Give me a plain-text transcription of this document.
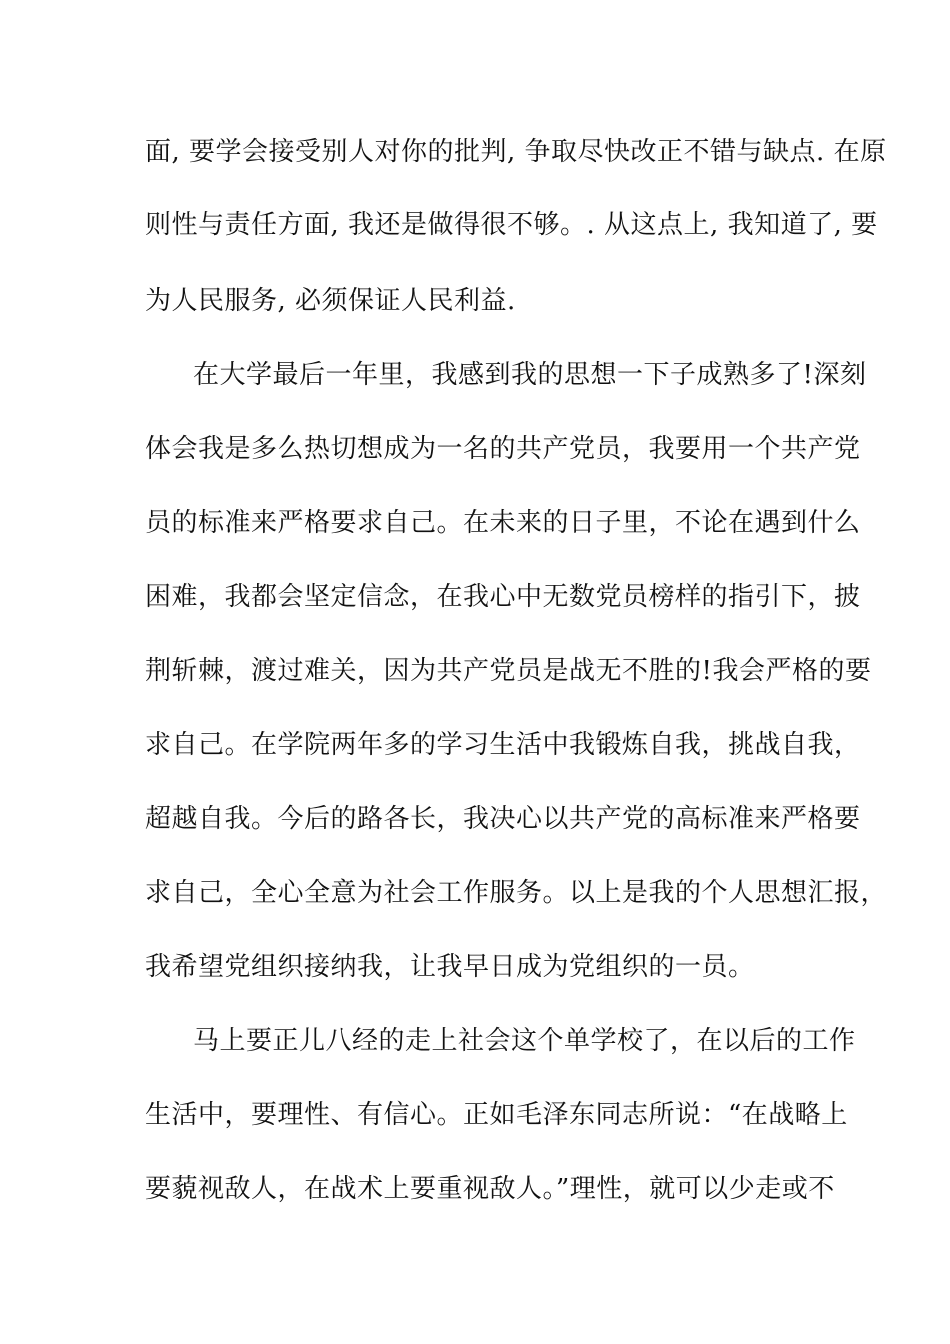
面, 要学会接受别人对你的批判, 争取尽快改正不错与缺点. 在原
则性与责任方面, 我还是做得很不够。. 从这点上, 我知道了, 要
为人民服务, 必须保证人民利益.
在大学最后一年里，我感到我的思想一下子成熟多了!深刻
体会我是多么热切想成为一名的共产党员，我要用一个共产党
员的标准来严格要求自己。在未来的日子里，不论在遇到什么
困难，我都会坚定信念，在我心中无数党员榜样的指引下，披
荆斩棘，渡过难关，因为共产党员是战无不胜的!我会严格的要
求自己。在学院两年多的学习生活中我锻炼自我，挑战自我，
超越自我。今后的路各长，我决心以共产党的高标准来严格要
求自己，全心全意为社会工作服务。以上是我的个人思想汇报，
我希望党组织接纳我，让我早日成为党组织的一员。
马上要正儿八经的走上社会这个单学校了，在以后的工作
生活中，要理性、有信心。正如毛泽东同志所说：“在战略上
要藐视敌人，在战术上要重视敌人。”理性，就可以少走或不
